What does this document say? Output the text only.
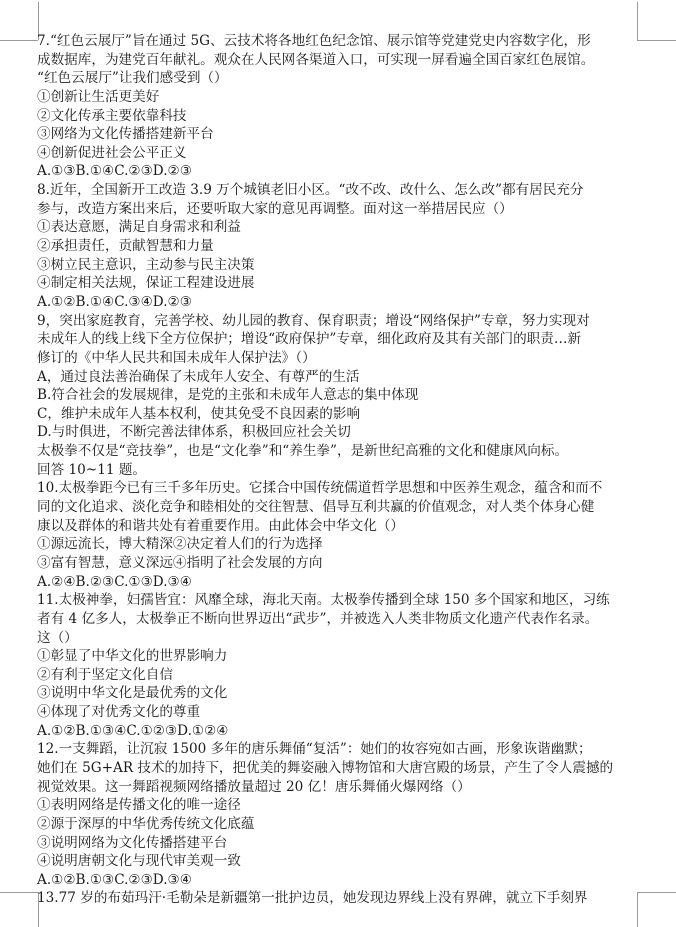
7.“红色云展厅”旨在通过 5G、云技术将各地红色纪念馆、展示馆等党建党史内容数字化，形
成数据库，为建党百年献礼。观众在人民网各渠道入口，可实现一屏看遍全国百家红色展馆。
“红色云展厅”让我们感受到（）
①创新让生活更美好
②文化传承主要依靠科技
③网络为文化传播搭建新平台
④创新促进社会公平正义
A.①③B.①④C.②③D.②③
8.近年，全国新开工改造 3.9 万个城镇老旧小区。“改不改、改什么、怎么改”都有居民充分
参与，改造方案出来后，还要听取大家的意见再调整。面对这一举措居民应（）
①表达意愿，满足自身需求和利益
②承担责任，贡献智慧和力量
③树立民主意识，主动参与民主决策
④制定相关法规，保证工程建设进展
A.①②B.①④C.③④D.②③
9，突出家庭教育，完善学校、幼儿园的教育、保育职责；增设“网络保护”专章，努力实现对
未成年人的线上线下全方位保护；增设“政府保护”专章，细化政府及其有关部门的职责…新
修订的《中华人民共和国未成年人保护法》（）
A，通过良法善治确保了未成年人安全、有尊严的生活
B.符合社会的发展规律，是党的主张和未成年人意志的集中体现
C，维护未成年人基本权利，使其免受不良因素的影响
D.与时俱进，不断完善法律体系，积极回应社会关切
太极拳不仅是“竞技拳”，也是“文化拳”和“养生拳”，是新世纪高雅的文化和健康风向标。
回答 10~11 题。
10.太极拳距今已有三千多年历史。它揉合中国传统儒道哲学思想和中医养生观念，蕴含和而不
同的文化追求、淡化竞争和睦相处的交往智慧、倡导互利共赢的价值观念，对人类个体身心健
康以及群体的和谐共处有着重要作用。由此体会中华文化（）
①源远流长，博大精深②决定着人们的行为选择
③富有智慧，意义深远④指明了社会发展的方向
A.②④B.②③C.①③D.③④
11.太极神拳，妇孺皆宜：风靡全球，海北天南。太极拳传播到全球 150 多个国家和地区，习练
者有 4 亿多人，太极拳正不断向世界迈出“武步”，并被选入人类非物质文化遗产代表作名录。
这（）
①彰显了中华文化的世界影响力
②有利于坚定文化自信
③说明中华文化是最优秀的文化
④体现了对优秀文化的尊重
A.①②B.①③④C.①②③D.①②④
12.一支舞蹈，让沉寂 1500 多年的唐乐舞俑“复活”：她们的妆容宛如古画，形象诙谐幽默；
她们在 5G+AR 技术的加持下，把优美的舞姿融入博物馆和大唐宫殿的场景，产生了令人震撼的
视觉效果。这一舞蹈视频网络播放量超过 20 亿！唐乐舞俑火爆网络（）
①表明网络是传播文化的唯一途径
②源于深厚的中华优秀传统文化底蕴
③说明网络为文化传播搭建平台
④说明唐朝文化与现代审美观一致
A.①②B.①③C.②③D.③④
13.77 岁的布茹玛汗·毛勒朵是新疆第一批护边员，她发现边界线上没有界碑，就立下手刻界
